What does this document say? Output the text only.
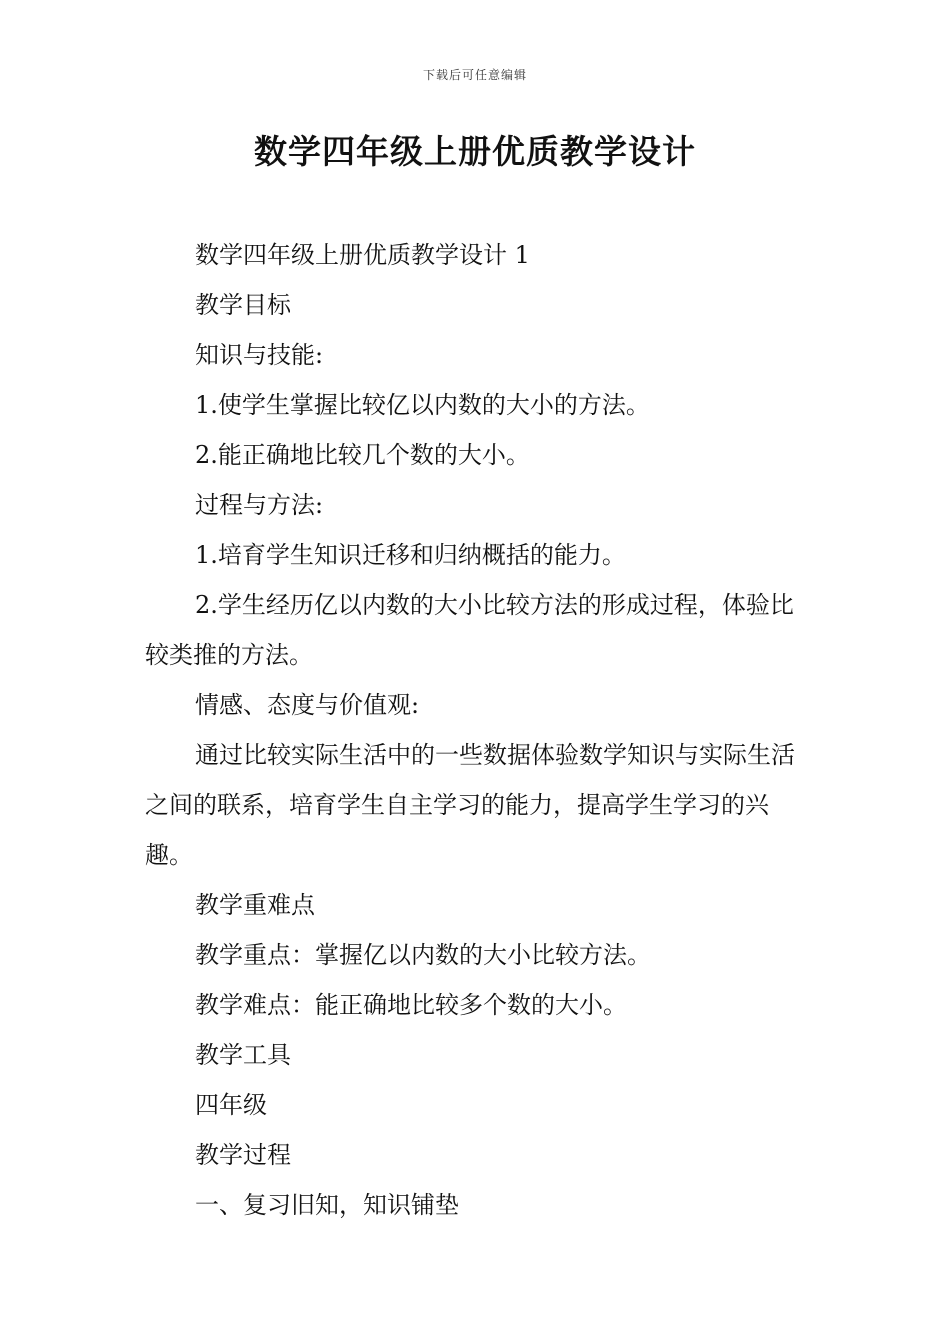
下载后可任意编辑
数学四年级上册优质教学设计

数学四年级上册优质教学设计 1

教学目标

知识与技能:

1.使学生掌握比较亿以内数的大小的方法。

2.能正确地比较几个数的大小。

过程与方法:

1.培育学生知识迁移和归纳概括的能力。

2.学生经历亿以内数的大小比较方法的形成过程，体验比较类推的方法。

情感、态度与价值观:

通过比较实际生活中的一些数据体验数学知识与实际生活之间的联系，培育学生自主学习的能力，提高学生学习的兴趣。

教学重难点

教学重点：掌握亿以内数的大小比较方法。

教学难点：能正确地比较多个数的大小。

教学工具

四年级

教学过程

一、复习旧知，知识铺垫
